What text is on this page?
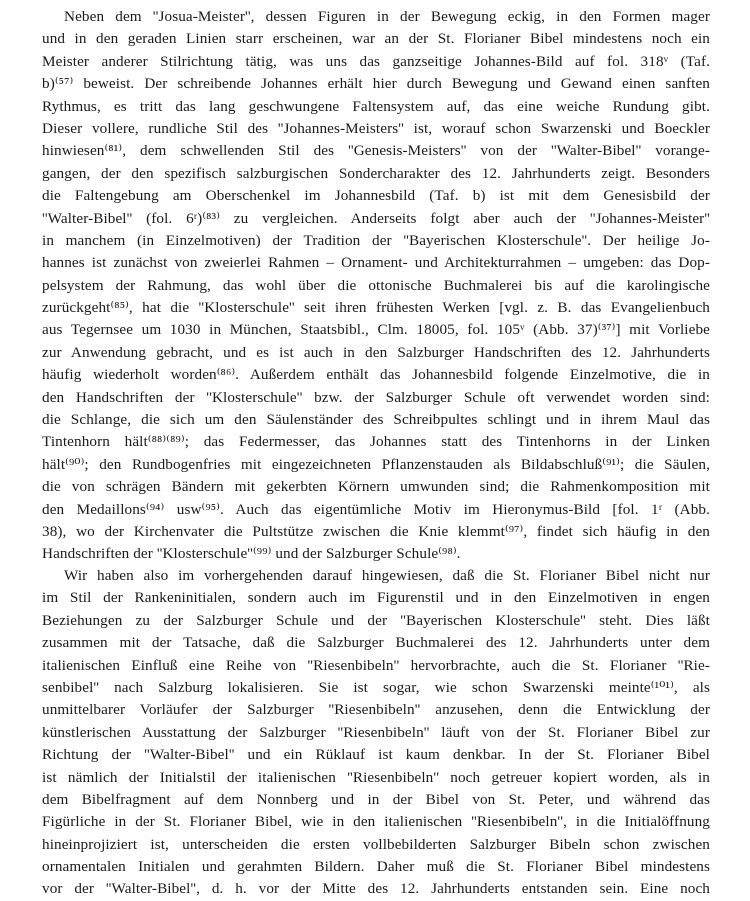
Neben dem ''Josua-Meister'', dessen Figuren in der Bewegung eckig, in den Formen mager
und in den geraden Linien starr erscheinen, war an der St. Florianer Bibel mindestens noch ein
Meister anderer Stilrichtung tätig, was uns das ganzseitige Johannes-Bild auf fol. 318ᵛ (Taf.
b)⁽⁵⁷⁾ beweist. Der schreibende Johannes erhält hier durch Bewegung und Gewand einen sanften
Rythmus, es tritt das lang geschwungene Faltensystem auf, das eine weiche Rundung gibt.
Dieser vollere, rundliche Stil des ''Johannes-Meisters'' ist, worauf schon Swarzenski und Boeckler
hinwiesen⁽⁸¹⁾, dem schwellenden Stil des ''Genesis-Meisters'' von der ''Walter-Bibel'' vorange-
gangen, der den spezifisch salzburgischen Sondercharakter des 12. Jahrhunderts zeigt. Besonders
die Faltengebung am Oberschenkel im Johannesbild (Taf. b) ist mit dem Genesisbild der
''Walter-Bibel'' (fol. 6ʳ)⁽⁸³⁾ zu vergleichen. Anderseits folgt aber auch der ''Johannes-Meister''
in manchem (in Einzelmotiven) der Tradition der ''Bayerischen Klosterschule''. Der heilige Jo-
hannes ist zunächst von zweierlei Rahmen – Ornament- und Architekturrahmen – umgeben: das Dop-
pelsystem der Rahmung, das wohl über die ottonische Buchmalerei bis auf die karolingische
zurückgeht⁽⁸⁵⁾, hat die ''Klosterschule'' seit ihren frühesten Werken [vgl. z. B. das Evangelienbuch
aus Tegernsee um 1030 in München, Staatsbibl., Clm. 18005, fol. 105ᵛ (Abb. 37)⁽³⁷⁾] mit Vorliebe
zur Anwendung gebracht, und es ist auch in den Salzburger Handschriften des 12. Jahrhunderts
häufig wiederholt worden⁽⁸⁶⁾. Außerdem enthält das Johannesbild folgende Einzelmotive, die in
den Handschriften der ''Klosterschule'' bzw. der Salzburger Schule oft verwendet worden sind:
die Schlange, die sich um den Säulenständer des Schreibpultes schlingt und in ihrem Maul das
Tintenhorn hält⁽⁸⁸⁾⁽⁸⁹⁾; das Federmesser, das Johannes statt des Tintenhorns in der Linken
hält⁽⁹⁰⁾; den Rundbogenfries mit eingezeichneten Pflanzenstauden als Bildabschluß⁽⁹¹⁾; die Säulen,
die von schrägen Bändern mit gekerbten Körnern umwunden sind; die Rahmenkomposition mit
den Medaillons⁽⁹⁴⁾ usw⁽⁹⁵⁾. Auch das eigentümliche Motiv im Hieronymus-Bild [fol. 1ʳ (Abb.
38), wo der Kirchenvater die Pultstütze zwischen die Knie klemmt⁽⁹⁷⁾, findet sich häufig in den
Handschriften der ''Klosterschule''⁽⁹⁹⁾ und der Salzburger Schule⁽⁹⁸⁾.
Wir haben also im vorhergehenden darauf hingewiesen, daß die St. Florianer Bibel nicht nur
im Stil der Rankeninitialen, sondern auch im Figurenstil und in den Einzelmotiven in engen
Beziehungen zu der Salzburger Schule und der ''Bayerischen Klosterschule'' steht. Dies läßt
zusammen mit der Tatsache, daß die Salzburger Buchmalerei des 12. Jahrhunderts unter dem
italienischen Einfluß eine Reihe von ''Riesenbibeln'' hervorbrachte, auch die St. Florianer ''Rie-
senbibel'' nach Salzburg lokalisieren. Sie ist sogar, wie schon Swarzenski meinte⁽¹⁰¹⁾, als
unmittelbarer Vorläufer der Salzburger ''Riesenbibeln'' anzusehen, denn die Entwicklung der
künstlerischen Ausstattung der Salzburger ''Riesenbibeln'' läuft von der St. Florianer Bibel zur
Richtung der ''Walter-Bibel'' und ein Rüklauf ist kaum denkbar. In der St. Florianer Bibel
ist nämlich der Initialstil der italienischen ''Riesenbibeln'' noch getreuer kopiert worden, als in
dem Bibelfragment auf dem Nonnberg und in der Bibel von St. Peter, und während das
Figürliche in der St. Florianer Bibel, wie in den italienischen ''Riesenbibeln'', in die Initialöffnung
hineinprojiziert ist, unterscheiden die ersten vollbebilderten Salzburger Bibeln schon zwischen
ornamentalen Initialen und gerahmten Bildern. Daher muß die St. Florianer Bibel mindestens
vor der ''Walter-Bibel'', d. h. vor der Mitte des 12. Jahrhunderts entstanden sein. Eine noch
